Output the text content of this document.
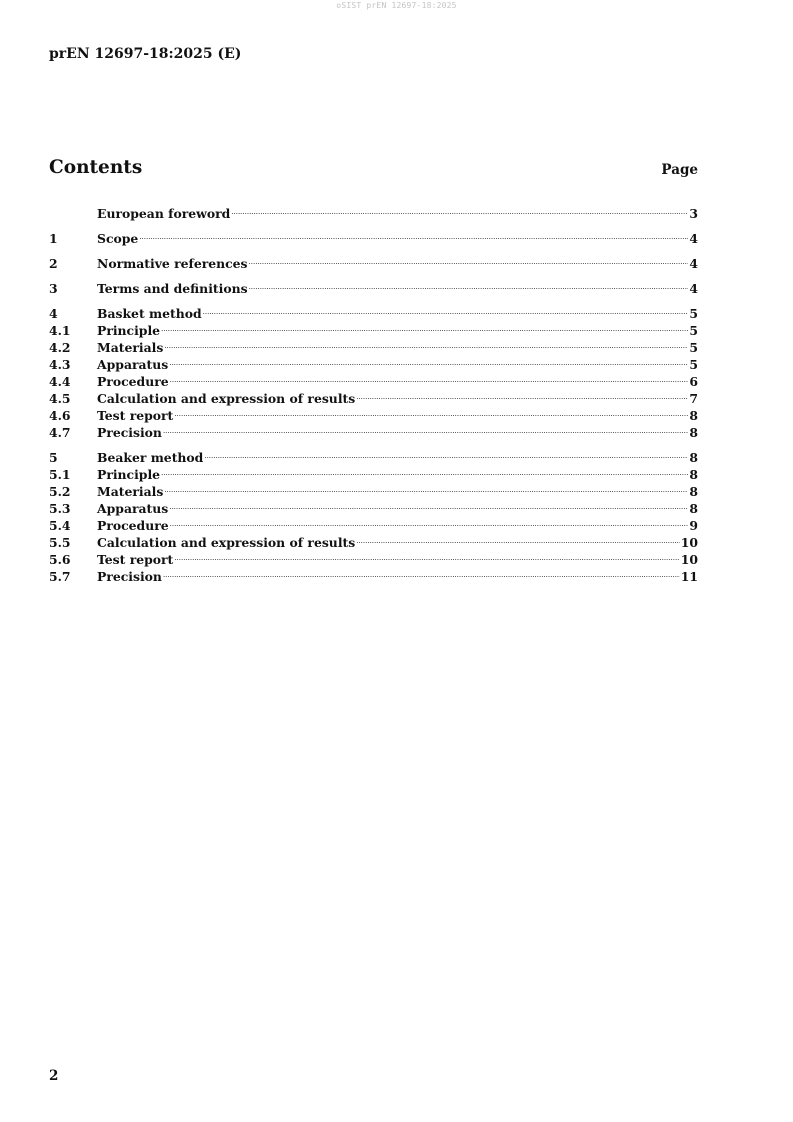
oSIST prEN 12697-18:2025
prEN 12697-18:2025 (E)
Contents	Page
European foreword .....	3
1	Scope .....	4
2	Normative references .....	4
3	Terms and definitions .....	4
4	Basket method .....	5
4.1	Principle .....	5
4.2	Materials .....	5
4.3	Apparatus .....	5
4.4	Procedure .....	6
4.5	Calculation and expression of results .....	7
4.6	Test report .....	8
4.7	Precision .....	8
5	Beaker method .....	8
5.1	Principle .....	8
5.2	Materials .....	8
5.3	Apparatus .....	8
5.4	Procedure .....	9
5.5	Calculation and expression of results .....	10
5.6	Test report .....	10
5.7	Precision .....	11
2
